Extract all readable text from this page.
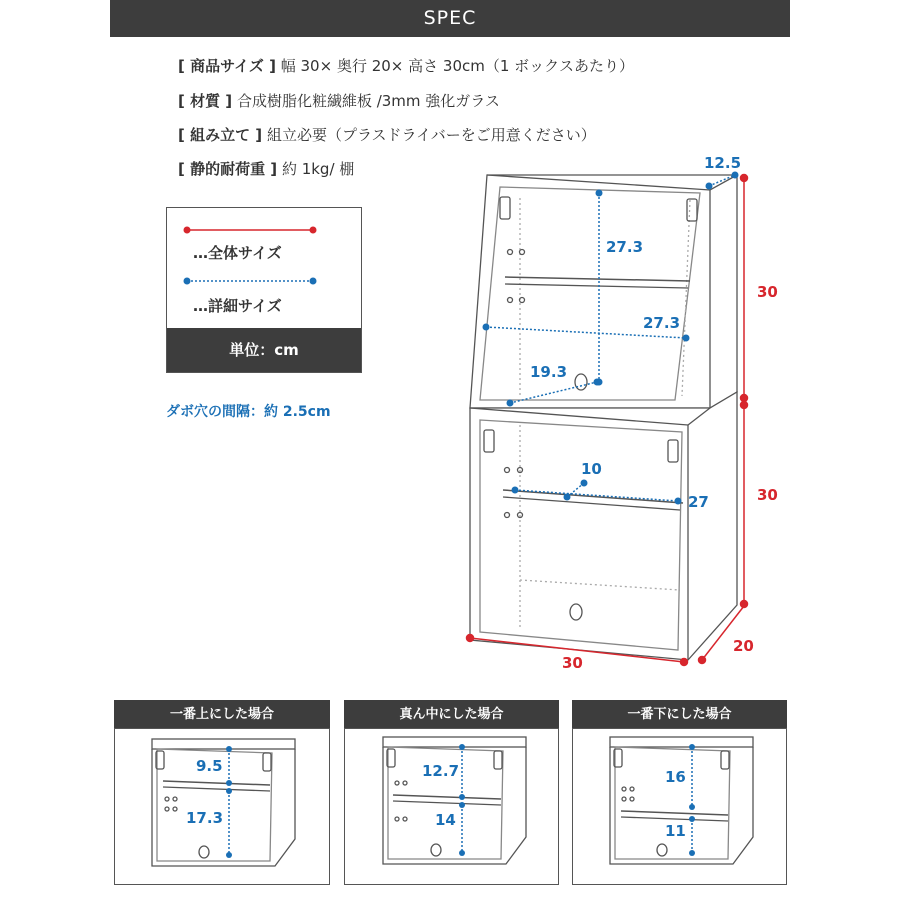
SPEC
[ 商品サイズ ] 幅 30× 奥行 20× 高さ 30cm（1 ボックスあたり）
[ 材質 ] 合成樹脂化粧繊維板 /3mm 強化ガラス
[ 組み立て ] 組立必要（プラスドライバーをご用意ください）
[ 静的耐荷重 ] 約 1kg/ 棚
…全体サイズ
…詳細サイズ
単位：cm
ダボ穴の間隔：約 2.5cm
12.5
30
30
27.3
27.3
19.3
10
27
30
20
一番上にした場合
9.5
17.3
真ん中にした場合
12.7
14
一番下にした場合
16
11
